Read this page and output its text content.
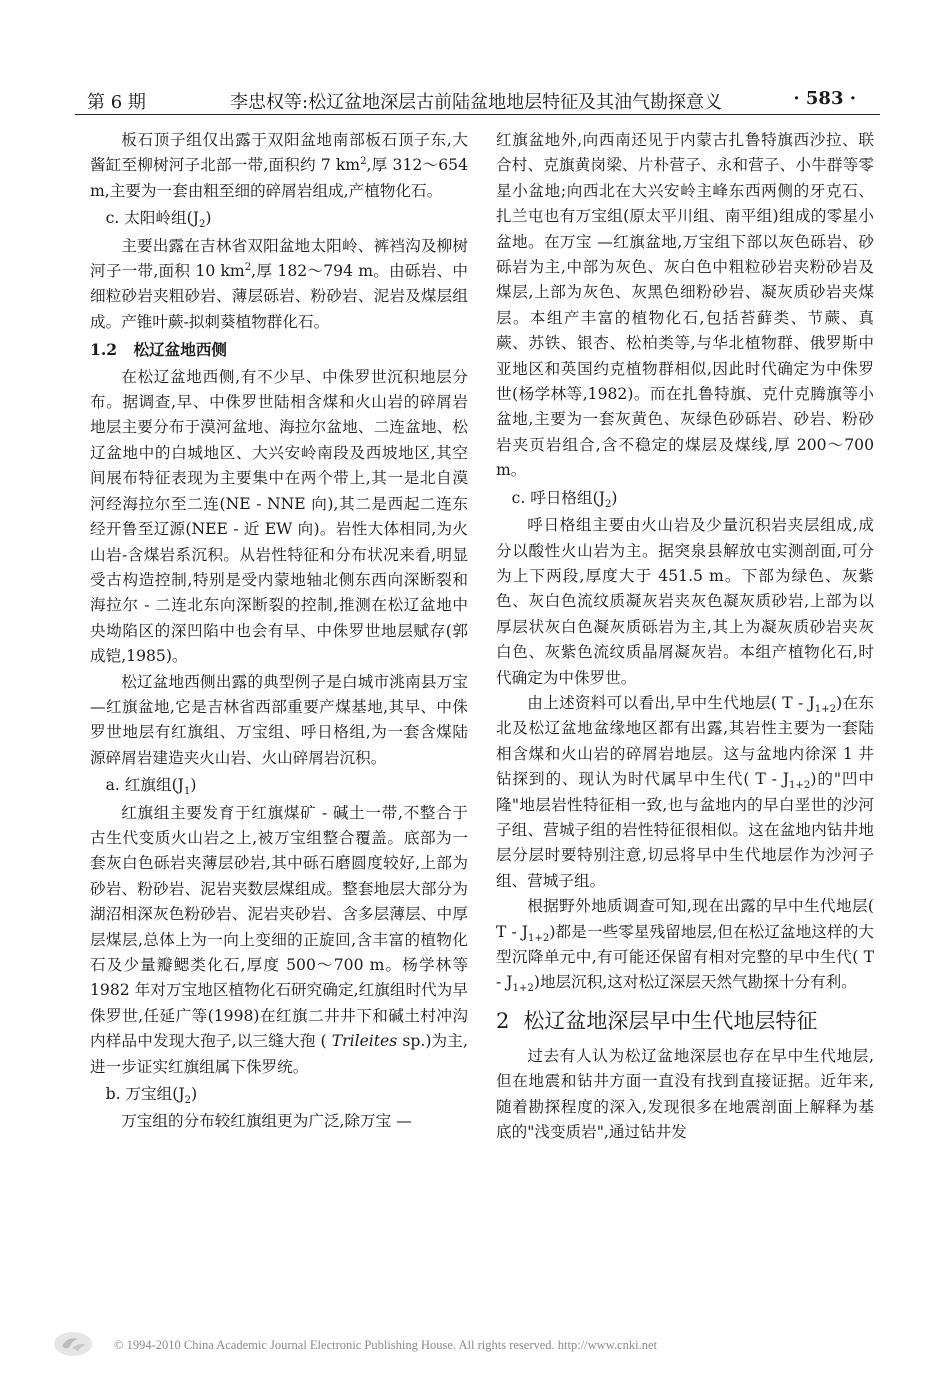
第 6 期	李忠权等:松辽盆地深层古前陆盆地地层特征及其油气勘探意义	· 583 ·

板石顶子组仅出露于双阳盆地南部板石顶子东,大酱缸至柳树河子北部一带,面积约 7 $km^2$,厚 312～654 m,主要为一套由粗至细的碎屑岩组成,产植物化石。

c. 太阳岭组$(J_2)$

主要出露在吉林省双阳盆地太阳岭、裤裆沟及柳树河子一带,面积 10 $km^2$,厚 182～794 m。由砾岩、中细粒砂岩夹粗砂岩、薄层砾岩、粉砂岩、泥岩及煤层组成。产锥叶蕨-拟刺葵植物群化石。

1.2 松辽盆地西侧

在松辽盆地西侧,有不少早、中侏罗世沉积地层分布。据调查,早、中侏罗世陆相含煤和火山岩的碎屑岩地层主要分布于漠河盆地、海拉尔盆地、二连盆地、松辽盆地中的白城地区、大兴安岭南段及西坡地区,其空间展布特征表现为主要集中在两个带上,其一是北自漠河经海拉尔至二连(NE - NNE 向),其二是西起二连东经开鲁至辽源(NEE - 近 EW 向)。岩性大体相同,为火山岩-含煤岩系沉积。从岩性特征和分布状况来看,明显受古构造控制,特别是受内蒙地轴北侧东西向深断裂和海拉尔 - 二连北东向深断裂的控制,推测在松辽盆地中央坳陷区的深凹陷中也会有早、中侏罗世地层赋存(郭成铠,1985)。

松辽盆地西侧出露的典型例子是白城市洮南县万宝 —红旗盆地,它是吉林省西部重要产煤基地,其早、中侏罗世地层有红旗组、万宝组、呼日格组,为一套含煤陆源碎屑岩建造夹火山岩、火山碎屑岩沉积。

a. 红旗组$(J_1)$

红旗组主要发育于红旗煤矿 - 碱土一带,不整合于古生代变质火山岩之上,被万宝组整合覆盖。底部为一套灰白色砾岩夹薄层砂岩,其中砾石磨圆度较好,上部为砂岩、粉砂岩、泥岩夹数层煤组成。整套地层大部分为湖沼相深灰色粉砂岩、泥岩夹砂岩、含多层薄层、中厚层煤层,总体上为一向上变细的正旋回,含丰富的植物化石及少量瓣鳃类化石,厚度 500～700 m。杨学林等 1982 年对万宝地区植物化石研究确定,红旗组时代为早侏罗世,任延广等(1998)在红旗二井井下和碱土村冲沟内样品中发现大孢子,以三缝大孢 ( Trileites sp.)为主,进一步证实红旗组属下侏罗统。

b. 万宝组$(J_2)$

万宝组的分布较红旗组更为广泛,除万宝 —

红旗盆地外,向西南还见于内蒙古扎鲁特旗西沙拉、联合村、克旗黄岗梁、片朴营子、永和营子、小牛群等零星小盆地;向西北在大兴安岭主峰东西两侧的牙克石、扎兰屯也有万宝组(原太平川组、南平组)组成的零星小盆地。在万宝 —红旗盆地,万宝组下部以灰色砾岩、砂砾岩为主,中部为灰色、灰白色中粗粒砂岩夹粉砂岩及煤层,上部为灰色、灰黑色细粉砂岩、凝灰质砂岩夹煤层。本组产丰富的植物化石,包括苔藓类、节蕨、真蕨、苏铁、银杏、松柏类等,与华北植物群、俄罗斯中亚地区和英国约克植物群相似,因此时代确定为中侏罗世(杨学林等,1982)。而在扎鲁特旗、克什克腾旗等小盆地,主要为一套灰黄色、灰绿色砂砾岩、砂岩、粉砂岩夹页岩组合,含不稳定的煤层及煤线,厚 200～700 m。

c. 呼日格组$(J_2)$

呼日格组主要由火山岩及少量沉积岩夹层组成,成分以酸性火山岩为主。据突泉县解放屯实测剖面,可分为上下两段,厚度大于 451.5 m。下部为绿色、灰紫色、灰白色流纹质凝灰岩夹灰色凝灰质砂岩,上部为以厚层状灰白色凝灰质砾岩为主,其上为凝灰质砂岩夹灰白色、灰紫色流纹质晶屑凝灰岩。本组产植物化石,时代确定为中侏罗世。

由上述资料可以看出,早中生代地层( T - $J_{1+2}$)在东北及松辽盆地盆缘地区都有出露,其岩性主要为一套陆相含煤和火山岩的碎屑岩地层。这与盆地内徐深 1 井钻探到的、现认为时代属早中生代( T - $J_{1+2}$)的"凹中隆"地层岩性特征相一致,也与盆地内的早白垩世的沙河子组、营城子组的岩性特征很相似。这在盆地内钻井地层分层时要特别注意,切忌将早中生代地层作为沙河子组、营城子组。

根据野外地质调查可知,现在出露的早中生代地层( T - $J_{1+2}$)都是一些零星残留地层,但在松辽盆地这样的大型沉降单元中,有可能还保留有相对完整的早中生代( T - $J_{1+2}$)地层沉积,这对松辽深层天然气勘探十分有利。

2 松辽盆地深层早中生代地层特征

过去有人认为松辽盆地深层也存在早中生代地层,但在地震和钻井方面一直没有找到直接证据。近年来,随着勘探程度的深入,发现很多在地震剖面上解释为基底的"浅变质岩",通过钻井发

© 1994-2010 China Academic Journal Electronic Publishing House. All rights reserved. http://www.cnki.net
